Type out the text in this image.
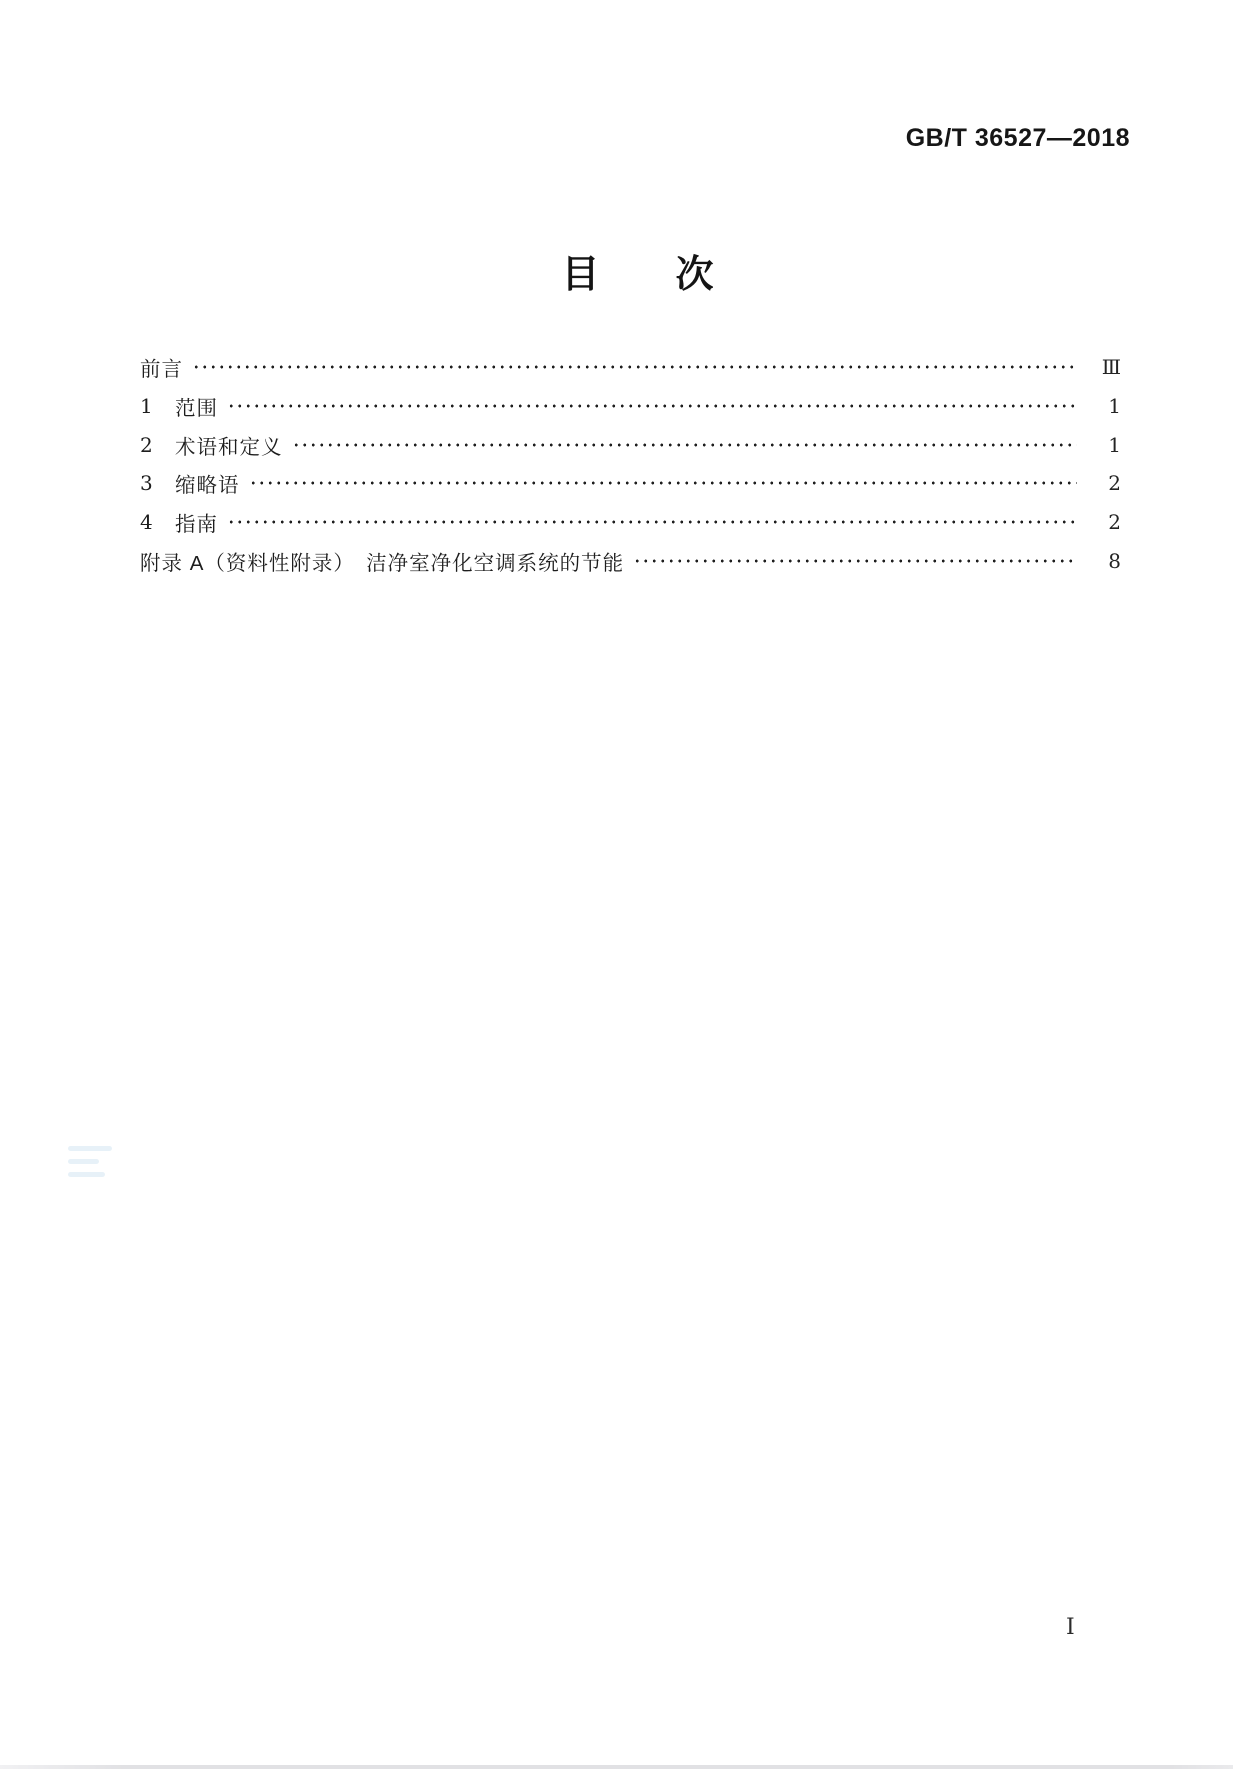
GB/T 36527—2018
目　　次
前言	Ⅲ
1	范围	1
2	术语和定义	1
3	缩略语	2
4	指南	2
附录 A（资料性附录）　洁净室净化空调系统的节能	8
Ⅰ
